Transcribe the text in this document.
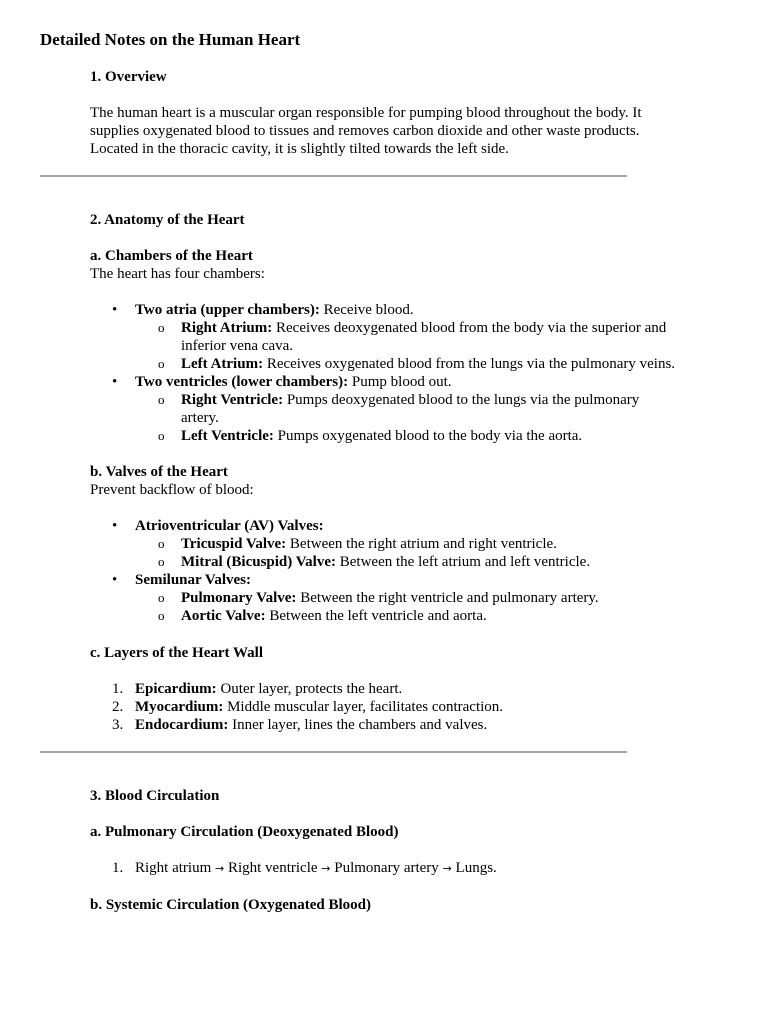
Detailed Notes on the Human Heart
1. Overview
The human heart is a muscular organ responsible for pumping blood throughout the body. It
supplies oxygenated blood to tissues and removes carbon dioxide and other waste products.
Located in the thoracic cavity, it is slightly tilted towards the left side.
2. Anatomy of the Heart
a. Chambers of the Heart
The heart has four chambers:
•	Two atria (upper chambers): Receive blood.
o	Right Atrium: Receives deoxygenated blood from the body via the superior and
inferior vena cava.
o	Left Atrium: Receives oxygenated blood from the lungs via the pulmonary veins.
•	Two ventricles (lower chambers): Pump blood out.
o	Right Ventricle: Pumps deoxygenated blood to the lungs via the pulmonary
artery.
o	Left Ventricle: Pumps oxygenated blood to the body via the aorta.
b. Valves of the Heart
Prevent backflow of blood:
•	Atrioventricular (AV) Valves:
o	Tricuspid Valve: Between the right atrium and right ventricle.
o	Mitral (Bicuspid) Valve: Between the left atrium and left ventricle.
•	Semilunar Valves:
o	Pulmonary Valve: Between the right ventricle and pulmonary artery.
o	Aortic Valve: Between the left ventricle and aorta.
c. Layers of the Heart Wall
1. Epicardium: Outer layer, protects the heart.
2. Myocardium: Middle muscular layer, facilitates contraction.
3. Endocardium: Inner layer, lines the chambers and valves.
3. Blood Circulation
a. Pulmonary Circulation (Deoxygenated Blood)
1. Right atrium → Right ventricle → Pulmonary artery → Lungs.
b. Systemic Circulation (Oxygenated Blood)
